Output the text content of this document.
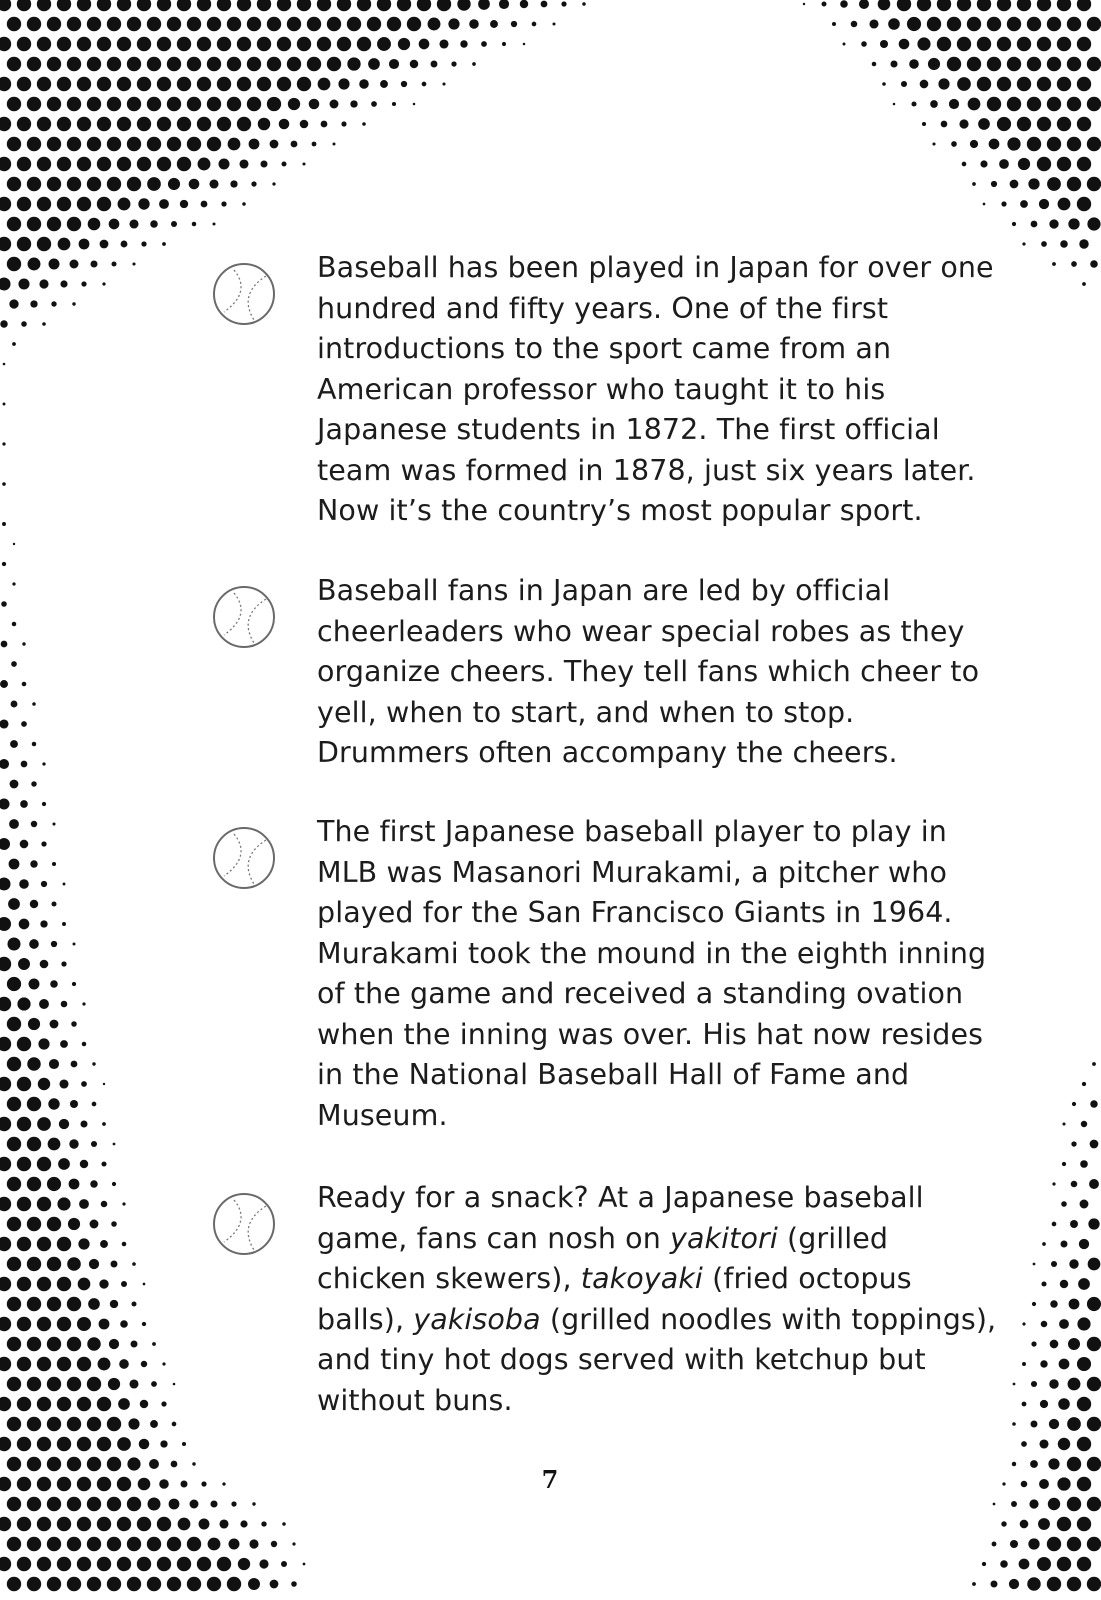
Baseball has been played in Japan for over one hundred and fifty years. One of the first introductions to the sport came from an American professor who taught it to his Japanese students in 1872. The first official team was formed in 1878, just six years later. Now it’s the country’s most popular sport.

Baseball fans in Japan are led by official cheerleaders who wear special robes as they organize cheers. They tell fans which cheer to yell, when to start, and when to stop. Drummers often accompany the cheers.

The first Japanese baseball player to play in MLB was Masanori Murakami, a pitcher who played for the San Francisco Giants in 1964. Murakami took the mound in the eighth inning of the game and received a standing ovation when the inning was over. His hat now resides in the National Baseball Hall of Fame and Museum.

Ready for a snack? At a Japanese baseball game, fans can nosh on yakitori (grilled chicken skewers), takoyaki (fried octopus balls), yakisoba (grilled noodles with toppings), and tiny hot dogs served with ketchup but without buns.

7
